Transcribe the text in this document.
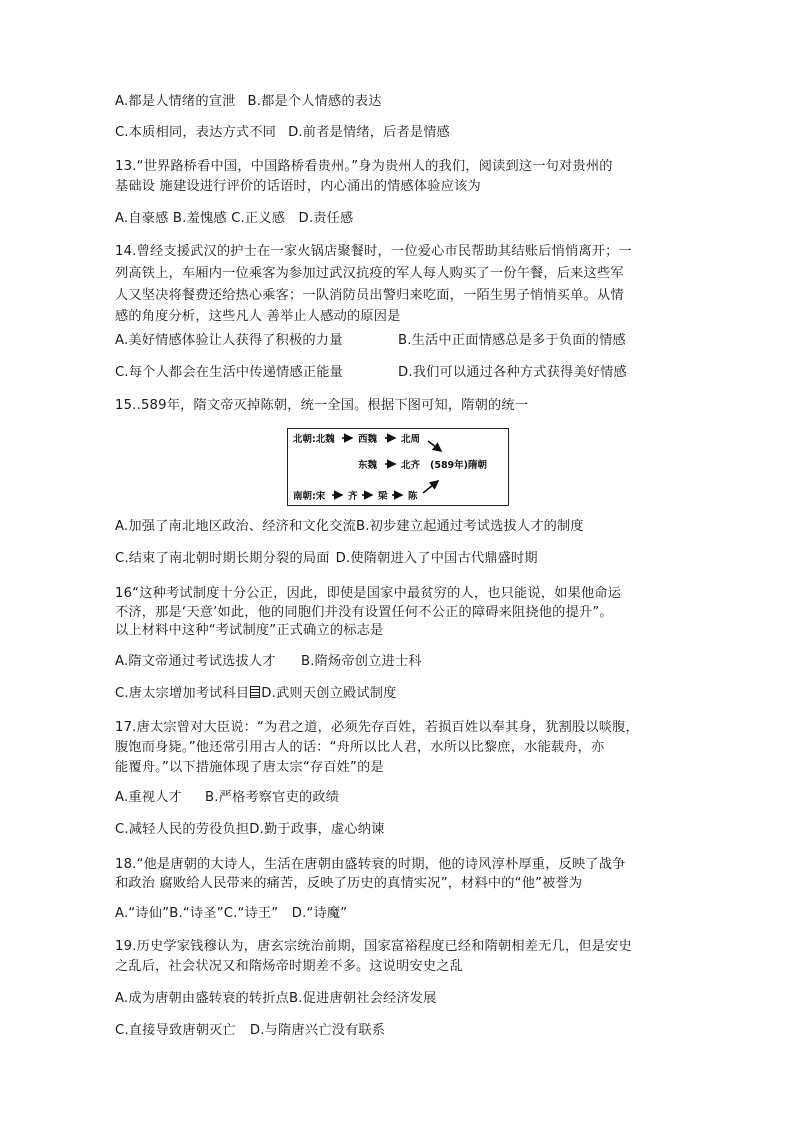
A.都是人情绪的宣泄 B.都是个人情感的表达
C.本质相同，表达方式不同 D.前者是情绪，后者是情感
13.“世界路桥看中国，中国路桥看贵州。”身为贵州人的我们，阅读到这一句对贵州的
基础设 施建设进行评价的话语时，内心涌出的情感体验应该为
A.自豪感 B.羞愧感 C.正义感　D.责任感
14.曾经支援武汉的护士在一家火锅店聚餐时，一位爱心市民帮助其结账后悄悄离开；一
列高铁上，车厢内一位乘客为参加过武汉抗疫的军人每人购买了一份午餐，后来这些军
人又坚决将餐费还给热心乘客；一队消防员出警归来吃面，一陌生男子悄悄买单。从情
感的角度分析，这些凡人 善举止人感动的原因是
A.美好情感体验让人获得了积极的力量	B.生活中正面情感总是多于负面的情感
C.每个人都会在生活中传递情感正能量	D.我们可以通过各种方式获得美好情感
15..589年，隋文帝灭掉陈朝，统一全国。根据下图可知，隋朝的统一
北朝:北魏 西魏	北周
东魏	北齐 (589年)隋朝
南朝:宋 齐 梁 陈
A.加强了南北地区政治、经济和文化交流B.初步建立起通过考试选拔人才的制度
C.结束了南北朝时期长期分裂的局面 D.使隋朝进入了中国古代鼎盛时期
16“这种考试制度十分公正，因此，即使是国家中最贫穷的人，也只能说，如果他命运
不济，那是‘天意’如此，他的同胞们并没有设置任何不公正的障碍来阻挠他的提升”。
以上材料中这种“考试制度”正式确立的标志是
A.隋文帝通过考试选拔人才 B.隋炀帝创立进士科
C.唐太宗增加考试科目 D.武则天创立殿试制度
17.唐太宗曾对大臣说：“为君之道，必须先存百姓，若损百姓以奉其身，犹割股以啖腹，
腹饱而身毙。”他还常引用古人的话：“舟所以比人君，水所以比黎庶，水能载舟，亦
能覆舟。”以下措施体现了唐太宗“存百姓”的是
A.重视人才 B.严格考察官吏的政绩
C.减轻人民的劳役负担D.勤于政事，虚心纳谏
18.“他是唐朝的大诗人，生活在唐朝由盛转衰的时期，他的诗风淳朴厚重，反映了战争
和政治 腐败给人民带来的痛苦，反映了历史的真情实况”，材料中的“他”被誉为
A.“诗仙”B.“诗圣”C.“诗王”　D.“诗魔”
19.历史学家钱穆认为，唐玄宗统治前期，国家富裕程度已经和隋朝相差无几，但是安史
之乱后，社会状况又和隋炀帝时期差不多。这说明安史之乱
A.成为唐朝由盛转衰的转折点B.促进唐朝社会经济发展
C.直接导致唐朝灭亡 D.与隋唐兴亡没有联系
